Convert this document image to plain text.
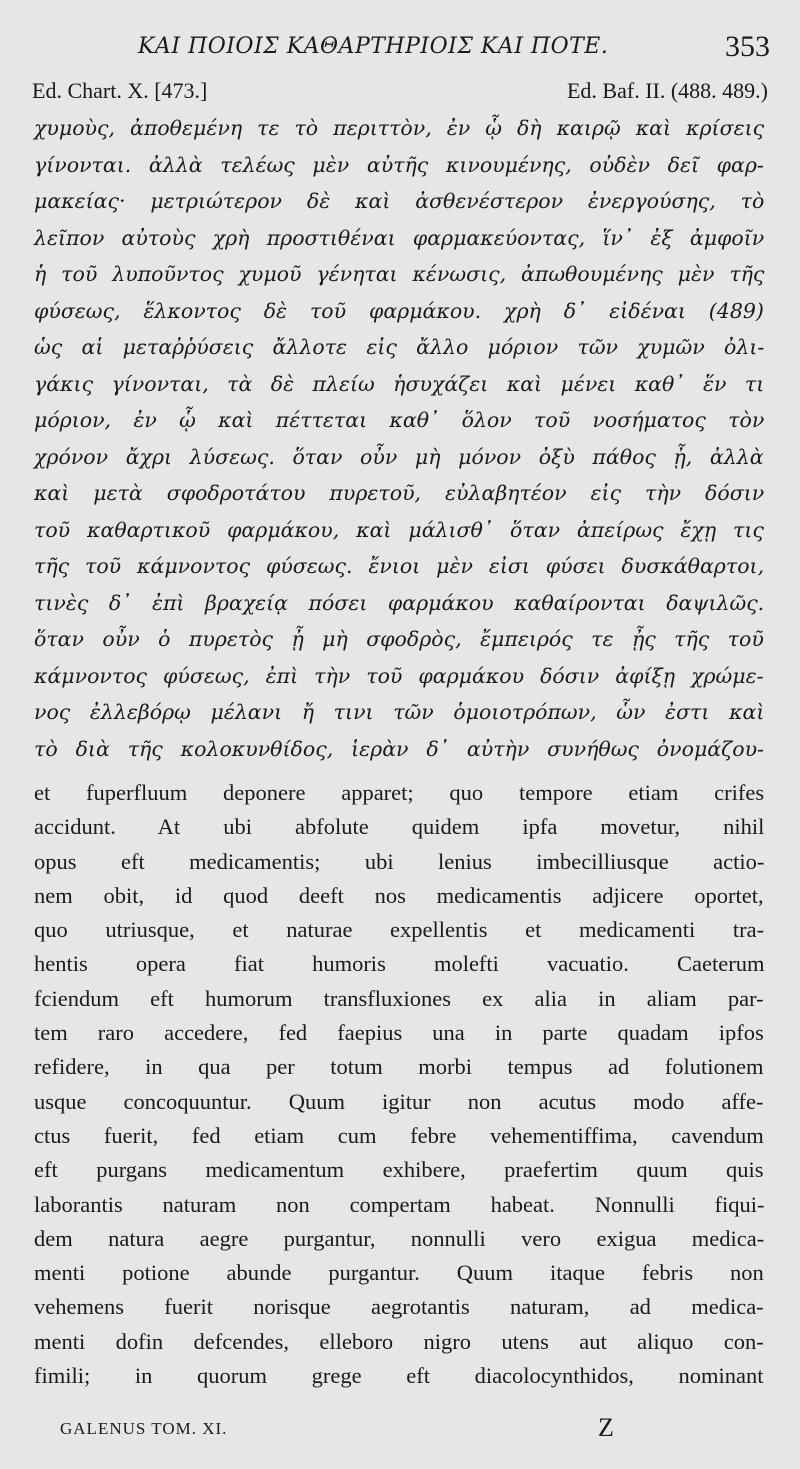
ΚΑΙ ΠΟΙΟΙΣ ΚΑΘΑΡΤΗΡΙΟΙΣ ΚΑΙ ΠΟΤΕ.	353
Ed. Chart. X. [473.]	Ed. Baf. II. (488. 489.)
χυμοὺς, ἀποθεμένη τε τὸ περιττὸν, ἐν ᾧ δὴ καιρῷ καὶ κρίσεις
γίνονται. ἀλλὰ τελέως μὲν αὐτῆς κινουμένης, οὐδὲν δεῖ φαρ-
μακείας· μετριώτερον δὲ καὶ ἀσθενέστερον ἐνεργούσης, τὸ
λεῖπον αὐτοὺς χρὴ προστιθέναι φαρμακεύοντας, ἵν᾽ ἐξ ἀμφοῖν
ἡ τοῦ λυποῦντος χυμοῦ γένηται κένωσις, ἀπωθουμένης μὲν τῆς
φύσεως, ἕλκοντος δὲ τοῦ φαρμάκου. χρὴ δ᾽ εἰδέναι (489)
ὡς αἱ μεταῤῥύσεις ἄλλοτε εἰς ἄλλο μόριον τῶν χυμῶν ὀλι-
γάκις γίνονται, τὰ δὲ πλείω ἡσυχάζει καὶ μένει καθ᾽ ἕν τι
μόριον, ἐν ᾧ καὶ πέττεται καθ᾽ ὅλον τοῦ νοσήματος τὸν
χρόνον ἄχρι λύσεως. ὅταν οὖν μὴ μόνον ὀξὺ πάθος ᾖ, ἀλλὰ
καὶ μετὰ σφοδροτάτου πυρετοῦ, εὐλαβητέον εἰς τὴν δόσιν
τοῦ καθαρτικοῦ φαρμάκου, καὶ μάλισθ᾽ ὅταν ἀπείρως ἔχῃ τις
τῆς τοῦ κάμνοντος φύσεως. ἔνιοι μὲν εἰσι φύσει δυσκάθαρτοι,
τινὲς δ᾽ ἐπὶ βραχείᾳ πόσει φαρμάκου καθαίρονται δαψιλῶς.
ὅταν οὖν ὁ πυρετὸς ᾖ μὴ σφοδρὸς, ἔμπειρός τε ᾖς τῆς τοῦ
κάμνοντος φύσεως, ἐπὶ τὴν τοῦ φαρμάκου δόσιν ἀφίξῃ χρώμε-
νος ἐλλεβόρῳ μέλανι ἤ τινι τῶν ὁμοιοτρόπων, ὧν ἐστι καὶ
τὸ διὰ τῆς κολοκυνθίδος, ἱερὰν δ᾽ αὐτὴν συνήθως ὀνομάζου-
et fuperfluum deponere apparet; quo tempore etiam crifes
accidunt. At ubi abfolute quidem ipfa movetur, nihil
opus eft medicamentis; ubi lenius imbecilliusque actio-
nem obit, id quod deeft nos medicamentis adjicere oportet,
quo utriusque, et naturae expellentis et medicamenti tra-
hentis opera fiat humoris molefti vacuatio. Caeterum
fciendum eft humorum transfluxiones ex alia in aliam par-
tem raro accedere, fed faepius una in parte quadam ipfos
refidere, in qua per totum morbi tempus ad folutionem
usque concoquuntur. Quum igitur non acutus modo affe-
ctus fuerit, fed etiam cum febre vehementiffima, cavendum
eft purgans medicamentum exhibere, praefertim quum quis
laborantis naturam non compertam habeat. Nonnulli fiqui-
dem natura aegre purgantur, nonnulli vero exigua medica-
menti potione abunde purgantur. Quum itaque febris non
vehemens fuerit norisque aegrotantis naturam, ad medica-
menti dofin defcendes, elleboro nigro utens aut aliquo con-
fimili; in quorum grege eft diacolocynthidos, nominant
GALENUS TOM. XI.	Z
